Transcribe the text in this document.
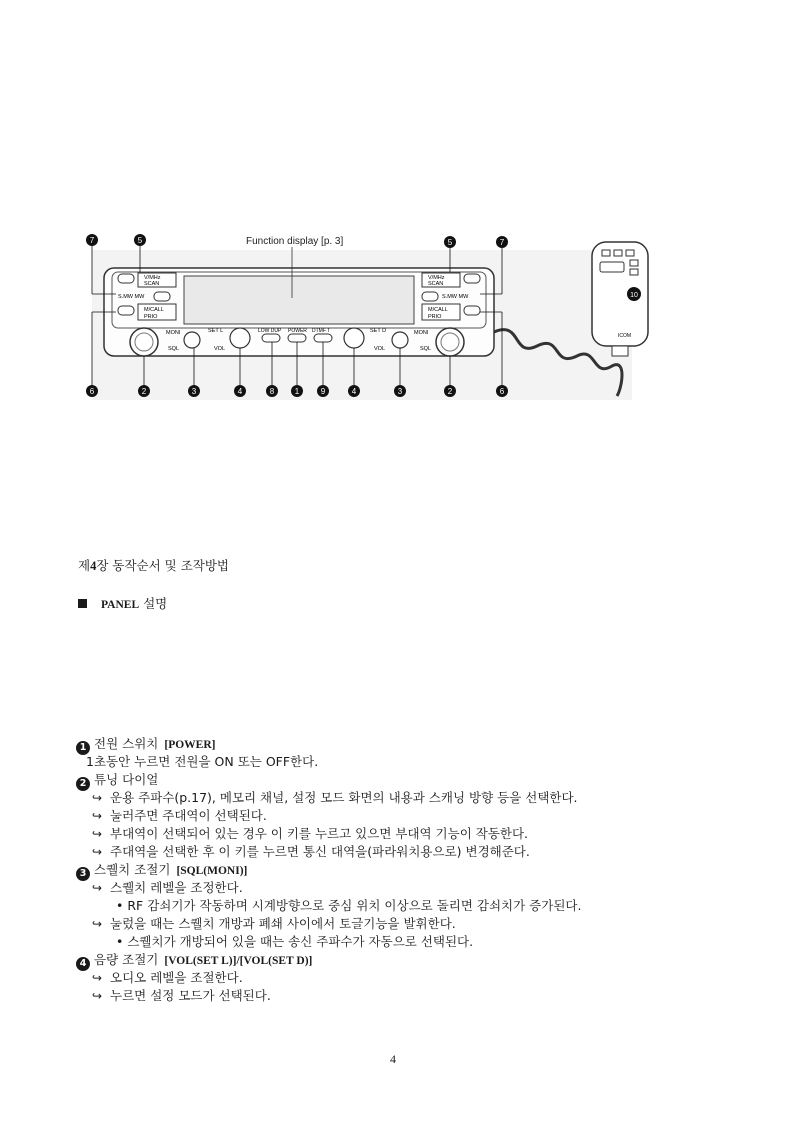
Function display [p. 3]
V/MHz
SCAN
S.MW MW
M/CALL
PRIO
V/MHz
SCAN
S.MW MW
M/CALL
PRIO
MONI
SQL
SET L
VOL
LOW DUP POWER DTMF T	SET D
VOL
MONI
SQL
ICOM
7	5	5	7
10
6	2	3	4	8	1	9	4	3	2	6
제4장 동작순서 및 조작방법
PANEL 설명
1 전원 스위치 [POWER]
1초동안 누르면 전원을 ON 또는 OFF한다.
2 튜닝 다이얼
↪ 운용 주파수(p.17), 메모리 채널, 설정 모드 화면의 내용과 스캐닝 방향 등을 선택한다.
↪ 눌러주면 주대역이 선택된다.
↪ 부대역이 선택되어 있는 경우 이 키를 누르고 있으면 부대역 기능이 작동한다.
↪ 주대역을 선택한 후 이 키를 누르면 통신 대역을(파라워치용으로) 변경해준다.
3 스퀠치 조절기 [SQL(MONI)]
↪ 스퀠치 레벨을 조정한다.
• RF 감쇠기가 작동하며 시계방향으로 중심 위치 이상으로 돌리면 감쇠치가 증가된다.
↪ 눌렀을 때는 스퀠치 개방과 폐쇄 사이에서 토글기능을 발휘한다.
• 스퀠치가 개방되어 있을 때는 송신 주파수가 자동으로 선택된다.
4 음량 조절기 [VOL(SET L)]/[VOL(SET D)]
↪ 오디오 레벨을 조절한다.
↪ 누르면 설정 모드가 선택된다.
4
